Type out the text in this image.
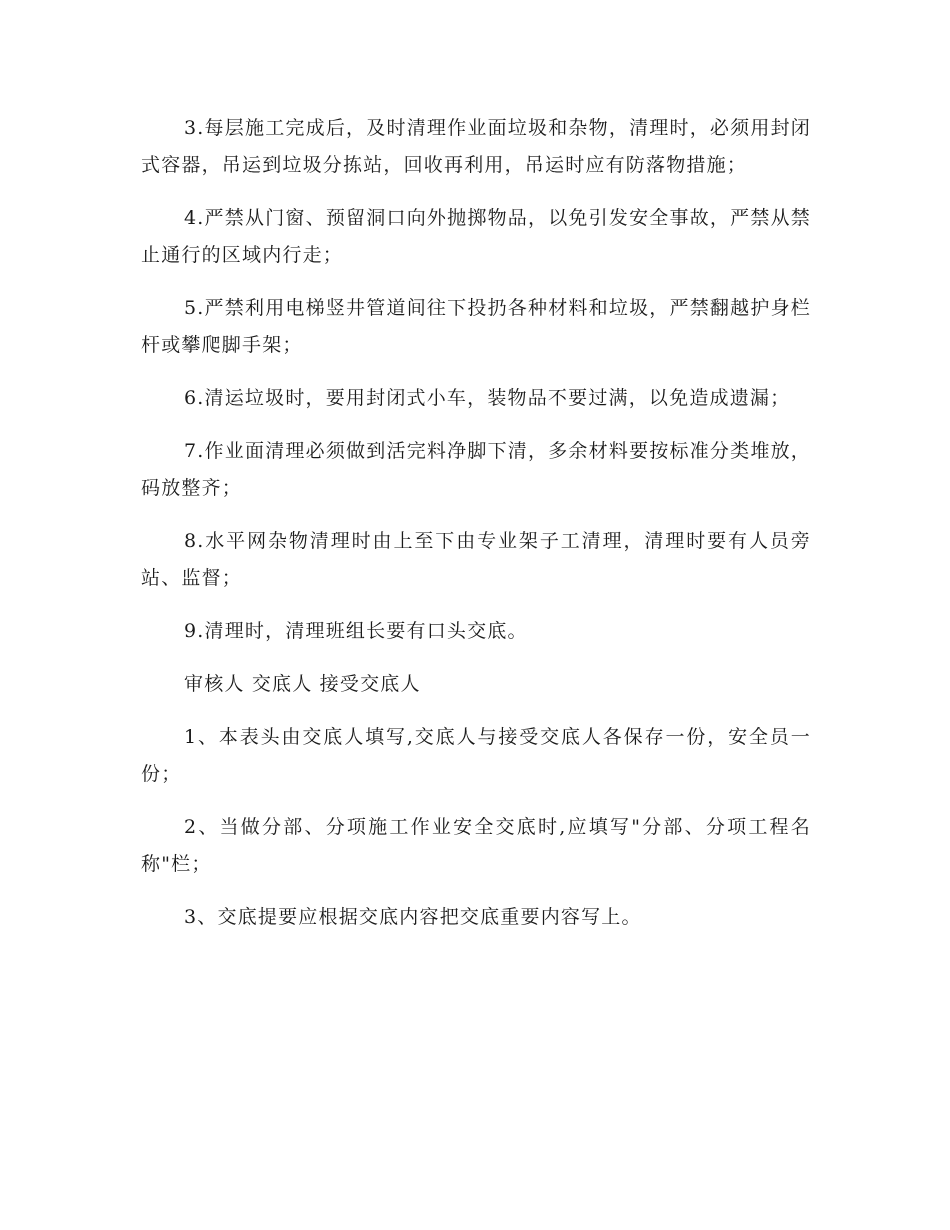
3.每层施工完成后，及时清理作业面垃圾和杂物，清理时，必须用封闭式容器，吊运到垃圾分拣站，回收再利用，吊运时应有防落物措施；

4.严禁从门窗、预留洞口向外抛掷物品，以免引发安全事故，严禁从禁止通行的区域内行走；

5.严禁利用电梯竖井管道间往下投扔各种材料和垃圾，严禁翻越护身栏杆或攀爬脚手架；

6.清运垃圾时，要用封闭式小车，装物品不要过满，以免造成遗漏；

7.作业面清理必须做到活完料净脚下清，多余材料要按标准分类堆放，码放整齐；

8.水平网杂物清理时由上至下由专业架子工清理，清理时要有人员旁站、监督；

9.清理时，清理班组长要有口头交底。

审核人 交底人 接受交底人

1、本表头由交底人填写,交底人与接受交底人各保存一份，安全员一份；

2、当做分部、分项施工作业安全交底时,应填写"分部、分项工程名称"栏；

3、交底提要应根据交底内容把交底重要内容写上。
